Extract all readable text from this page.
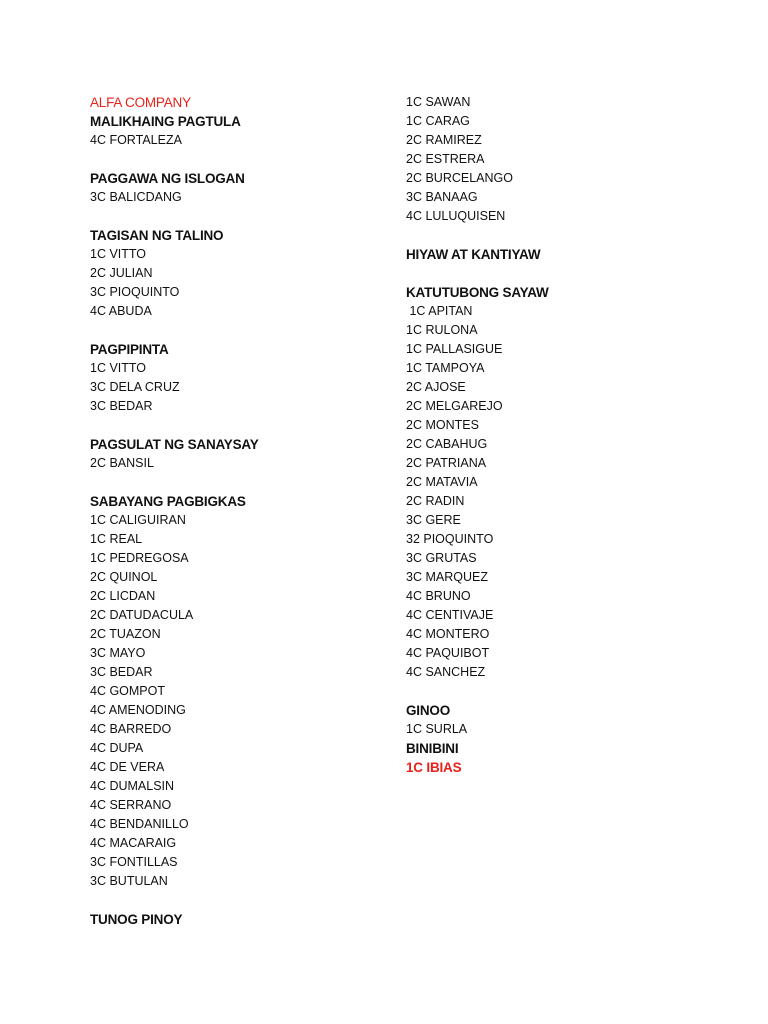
ALFA COMPANY
MALIKHAING PAGTULA
4C FORTALEZA
PAGGAWA NG ISLOGAN
3C BALICDANG
TAGISAN NG TALINO
1C VITTO
2C JULIAN
3C PIOQUINTO
4C ABUDA
PAGPIPINTA
1C VITTO
3C DELA CRUZ
3C BEDAR
PAGSULAT NG SANAYSAY
2C BANSIL
SABAYANG PAGBIGKAS
1C CALIGUIRAN
1C REAL
1C PEDREGOSA
2C QUINOL
2C LICDAN
2C DATUDACULA
2C TUAZON
3C MAYO
3C BEDAR
4C GOMPOT
4C AMENODING
4C BARREDO
4C DUPA
4C DE VERA
4C DUMALSIN
4C SERRANO
4C BENDANILLO
4C MACARAIG
3C FONTILLAS
3C BUTULAN
TUNOG PINOY
1C SAWAN
1C CARAG
2C RAMIREZ
2C ESTRERA
2C BURCELANGO
3C BANAAG
4C LULUQUISEN
HIYAW AT KANTIYAW
KATUTUBONG SAYAW
1C APITAN
1C RULONA
1C PALLASIGUE
1C TAMPOYA
2C AJOSE
2C MELGAREJO
2C MONTES
2C CABAHUG
2C PATRIANA
2C MATAVIA
2C RADIN
3C GERE
32 PIOQUINTO
3C GRUTAS
3C MARQUEZ
4C BRUNO
4C CENTIVAJE
4C MONTERO
4C PAQUIBOT
4C SANCHEZ
GINOO
1C SURLA
BINIBINI
1C IBIAS
